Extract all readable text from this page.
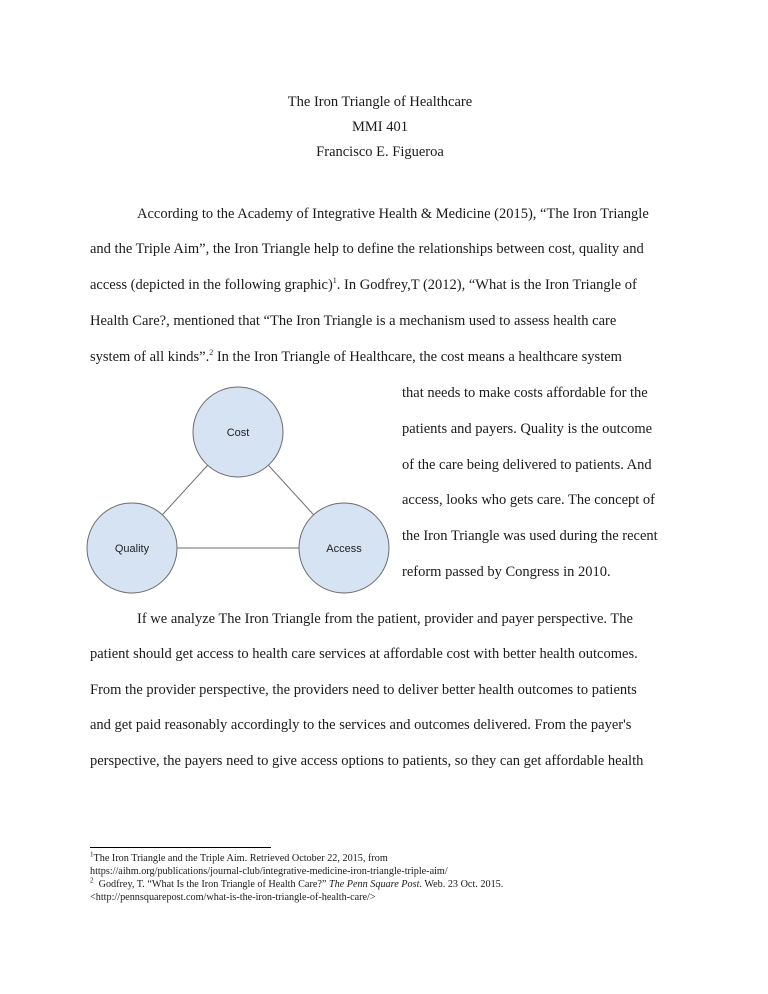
The Iron Triangle of Healthcare
MMI 401
Francisco E. Figueroa
According to the Academy of Integrative Health & Medicine (2015), “The Iron Triangle
and the Triple Aim”, the Iron Triangle help to define the relationships between cost, quality and
access (depicted in the following graphic)$^1$. In Godfrey,T (2012), “What is the Iron Triangle of
Health Care?, mentioned that “The Iron Triangle is a mechanism used to assess health care
system of all kinds”.$^2$ In the Iron Triangle of Healthcare, the cost means a healthcare system
that needs to make costs affordable for the
patients and payers. Quality is the outcome
of the care being delivered to patients. And
access, looks who gets care. The concept of
the Iron Triangle was used during the recent
reform passed by Congress in 2010.
Cost
Quality	Access
If we analyze The Iron Triangle from the patient, provider and payer perspective. The
patient should get access to health care services at affordable cost with better health outcomes.
From the provider perspective, the providers need to deliver better health outcomes to patients
and get paid reasonably accordingly to the services and outcomes delivered. From the payer's
perspective, the payers need to give access options to patients, so they can get affordable health
$^1$The Iron Triangle and the Triple Aim. Retrieved October 22, 2015, from
https://aihm.org/publications/journal-club/integrative-medicine-iron-triangle-triple-aim/
$^2$  Godfrey, T. “What Is the Iron Triangle of Health Care?” The Penn Square Post. Web. 23 Oct. 2015.
<http://pennsquarepost.com/what-is-the-iron-triangle-of-health-care/>
